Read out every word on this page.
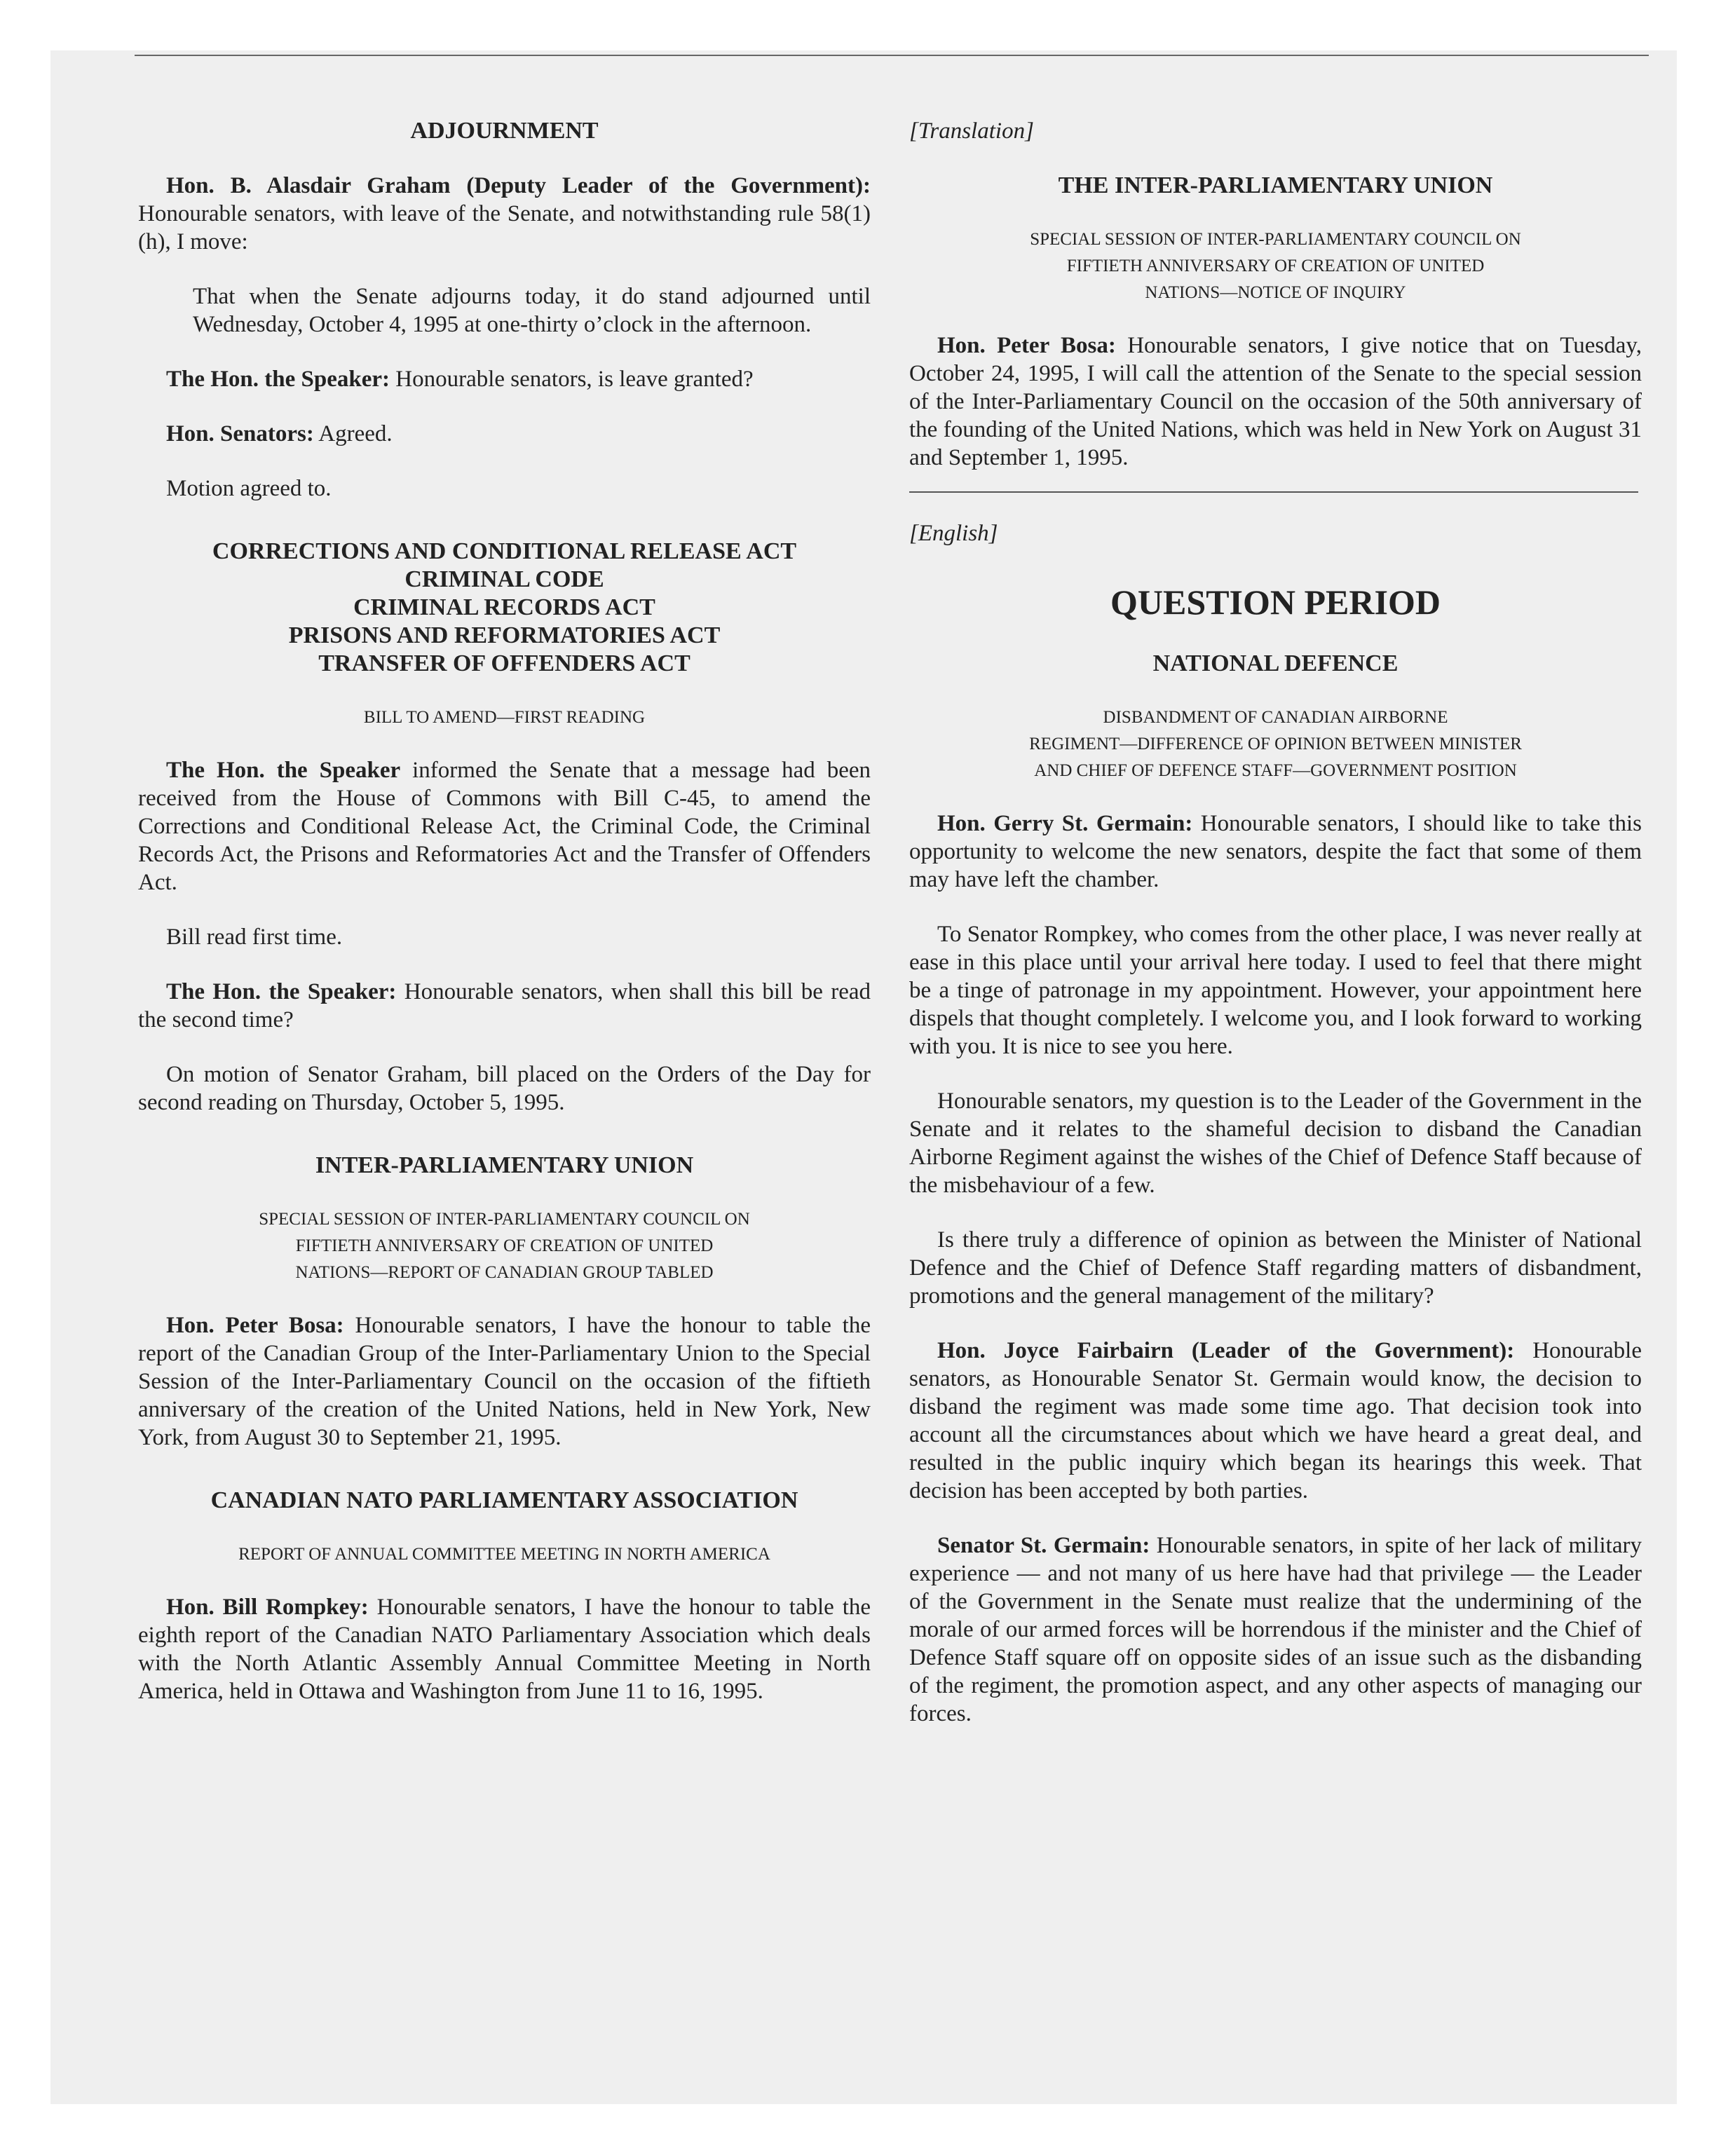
ADJOURNMENT

Hon. B. Alasdair Graham (Deputy Leader of the Government): Honourable senators, with leave of the Senate, and notwithstanding rule 58(1)(h), I move:

That when the Senate adjourns today, it do stand adjourned until Wednesday, October 4, 1995 at one-thirty o’clock in the afternoon.

The Hon. the Speaker: Honourable senators, is leave granted?

Hon. Senators: Agreed.

Motion agreed to.

CORRECTIONS AND CONDITIONAL RELEASE ACT
CRIMINAL CODE
CRIMINAL RECORDS ACT
PRISONS AND REFORMATORIES ACT
TRANSFER OF OFFENDERS ACT
BILL TO AMEND—FIRST READING

The Hon. the Speaker informed the Senate that a message had been received from the House of Commons with Bill C-45, to amend the Corrections and Conditional Release Act, the Criminal Code, the Criminal Records Act, the Prisons and Reformatories Act and the Transfer of Offenders Act.

Bill read first time.

The Hon. the Speaker: Honourable senators, when shall this bill be read the second time?

On motion of Senator Graham, bill placed on the Orders of the Day for second reading on Thursday, October 5, 1995.

INTER-PARLIAMENTARY UNION
SPECIAL SESSION OF INTER-PARLIAMENTARY COUNCIL ON
FIFTIETH ANNIVERSARY OF CREATION OF UNITED
NATIONS—REPORT OF CANADIAN GROUP TABLED

Hon. Peter Bosa: Honourable senators, I have the honour to table the report of the Canadian Group of the Inter-Parliamentary Union to the Special Session of the Inter-Parliamentary Council on the occasion of the fiftieth anniversary of the creation of the United Nations, held in New York, New York, from August 30 to September 21, 1995.

CANADIAN NATO PARLIAMENTARY ASSOCIATION
REPORT OF ANNUAL COMMITTEE MEETING IN NORTH AMERICA

Hon. Bill Rompkey: Honourable senators, I have the honour to table the eighth report of the Canadian NATO Parliamentary Association which deals with the North Atlantic Assembly Annual Committee Meeting in North America, held in Ottawa and Washington from June 11 to 16, 1995.

[Translation]
THE INTER-PARLIAMENTARY UNION
SPECIAL SESSION OF INTER-PARLIAMENTARY COUNCIL ON
FIFTIETH ANNIVERSARY OF CREATION OF UNITED
NATIONS—NOTICE OF INQUIRY

Hon. Peter Bosa: Honourable senators, I give notice that on Tuesday, October 24, 1995, I will call the attention of the Senate to the special session of the Inter-Parliamentary Council on the occasion of the 50th anniversary of the founding of the United Nations, which was held in New York on August 31 and September 1, 1995.

[English]
QUESTION PERIOD
NATIONAL DEFENCE
DISBANDMENT OF CANADIAN AIRBORNE
REGIMENT—DIFFERENCE OF OPINION BETWEEN MINISTER
AND CHIEF OF DEFENCE STAFF—GOVERNMENT POSITION

Hon. Gerry St. Germain: Honourable senators, I should like to take this opportunity to welcome the new senators, despite the fact that some of them may have left the chamber.

To Senator Rompkey, who comes from the other place, I was never really at ease in this place until your arrival here today. I used to feel that there might be a tinge of patronage in my appointment. However, your appointment here dispels that thought completely. I welcome you, and I look forward to working with you. It is nice to see you here.

Honourable senators, my question is to the Leader of the Government in the Senate and it relates to the shameful decision to disband the Canadian Airborne Regiment against the wishes of the Chief of Defence Staff because of the misbehaviour of a few.

Is there truly a difference of opinion as between the Minister of National Defence and the Chief of Defence Staff regarding matters of disbandment, promotions and the general management of the military?

Hon. Joyce Fairbairn (Leader of the Government): Honourable senators, as Honourable Senator St. Germain would know, the decision to disband the regiment was made some time ago. That decision took into account all the circumstances about which we have heard a great deal, and resulted in the public inquiry which began its hearings this week. That decision has been accepted by both parties.

Senator St. Germain: Honourable senators, in spite of her lack of military experience — and not many of us here have had that privilege — the Leader of the Government in the Senate must realize that the undermining of the morale of our armed forces will be horrendous if the minister and the Chief of Defence Staff square off on opposite sides of an issue such as the disbanding of the regiment, the promotion aspect, and any other aspects of managing our forces.
